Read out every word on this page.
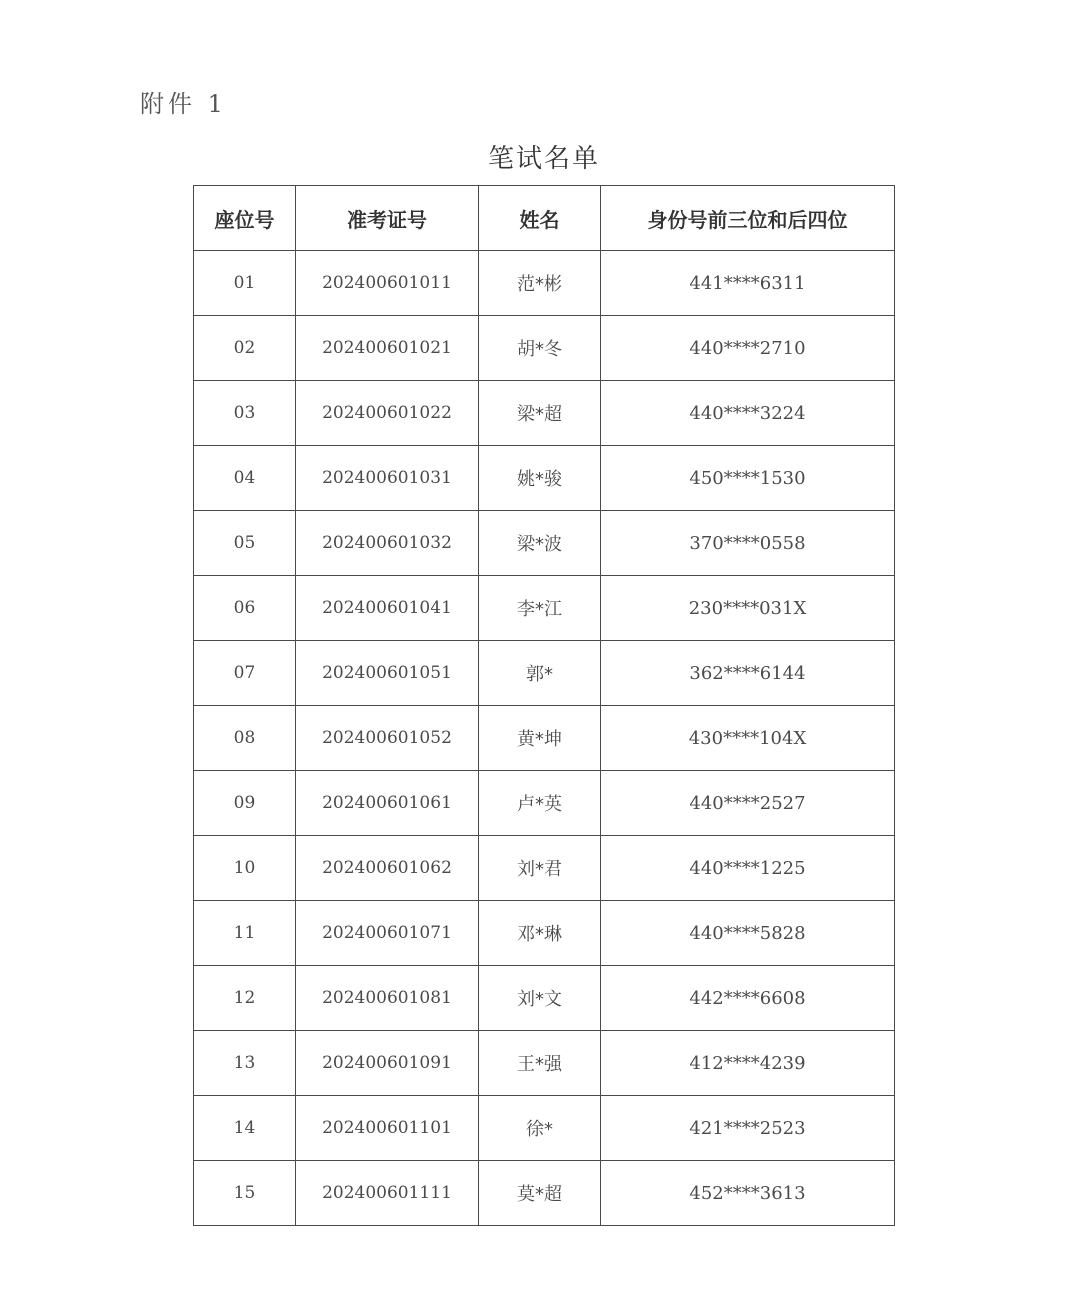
附件 1
笔试名单
座位号	准考证号	姓名	身份号前三位和后四位
01	202400601011	范*彬	441****6311
02	202400601021	胡*冬	440****2710
03	202400601022	梁*超	440****3224
04	202400601031	姚*骏	450****1530
05	202400601032	梁*波	370****0558
06	202400601041	李*江	230****031X
07	202400601051	郭*	362****6144
08	202400601052	黄*坤	430****104X
09	202400601061	卢*英	440****2527
10	202400601062	刘*君	440****1225
11	202400601071	邓*琳	440****5828
12	202400601081	刘*文	442****6608
13	202400601091	王*强	412****4239
14	202400601101	徐*	421****2523
15	202400601111	莫*超	452****3613
